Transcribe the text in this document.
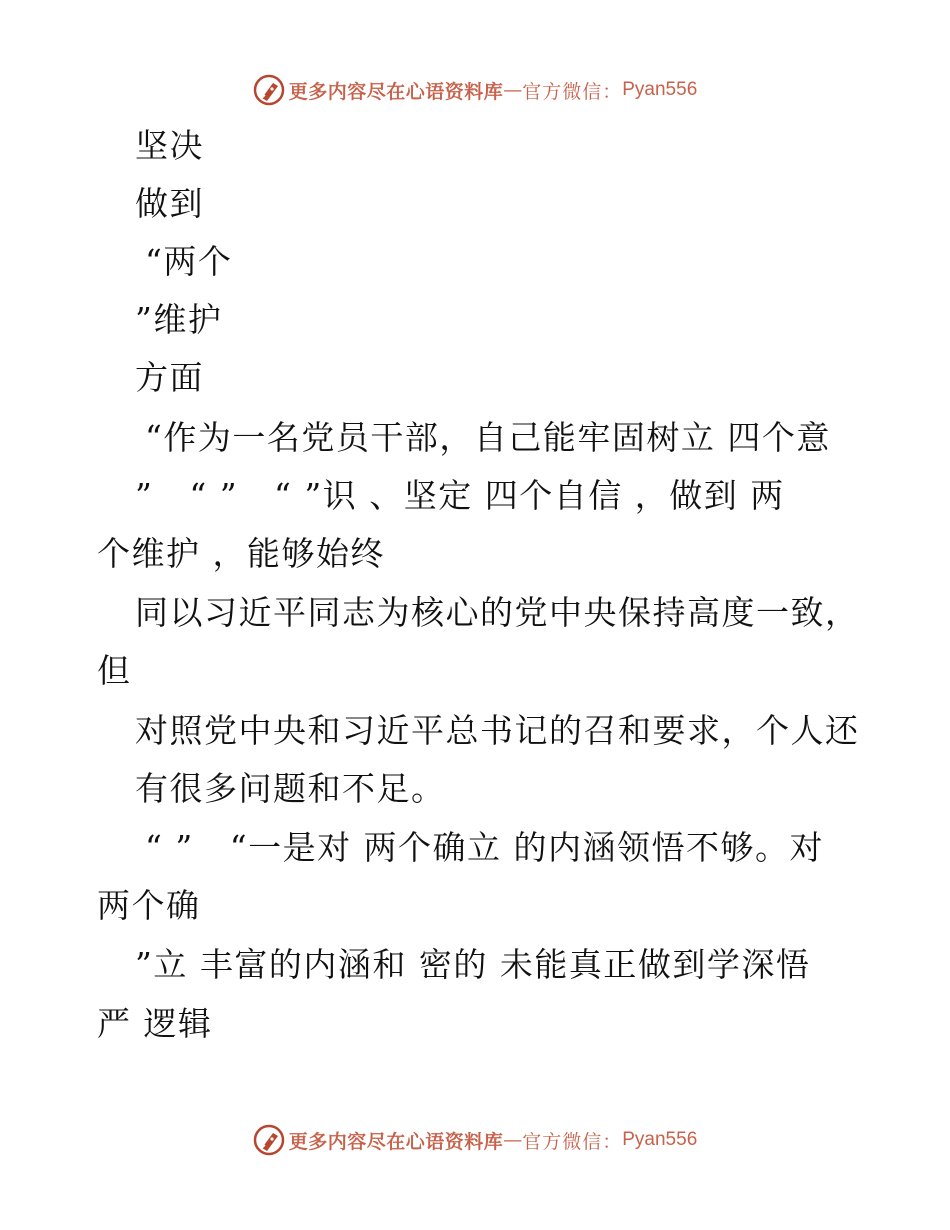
更多内容尽在心语资料库 — 官方微信： Pyan556
坚决
做到
“两个
”维护
方面
“作为一名党员干部，自己能牢固树立 四个意
”   “ ”   “ ”识 、坚定 四个自信 ，做到 两
个维护 ，能够始终
同以习近平同志为核心的党中央保持高度一致，
但
对照党中央和习近平总书记的召和要求，个人还
有很多问题和不足。
“ ”   “一是对 两个确立 的内涵领悟不够。对
两个确
”立 丰富的内涵和 密的 未能真正做到学深悟
严 逻辑
更多内容尽在心语资料库 — 官方微信： Pyan556
